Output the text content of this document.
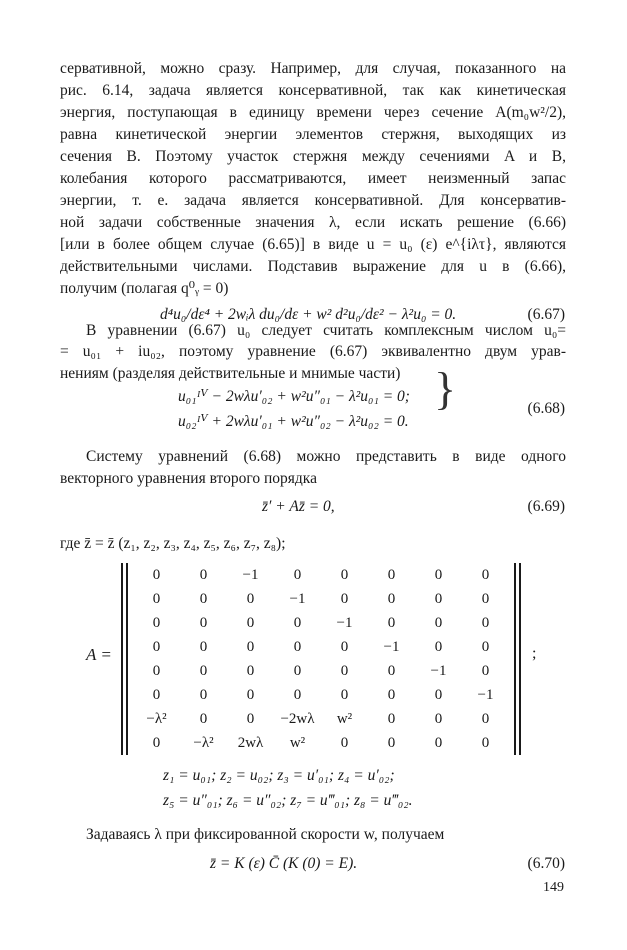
сервативной, можно сразу. Например, для случая, показанного на
рис. 6.14, задача является консервативной, так как кинетическая
энергия, поступающая в единицу времени через сечение A(m₀w²/2),
равна кинетической энергии элементов стержня, выходящих из
сечения B. Поэтому участок стержня между сечениями A и B,
колебания которого рассматриваются, имеет неизменный запас
энергии, т. е. задача является консервативной. Для консерватив-
ной задачи собственные значения λ, если искать решение (6.66)
[или в более общем случае (6.65)] в виде u = u₀ (ε) e^{iλτ}, являются
действительными числами. Подставив выражение для u в (6.66),
получим (полагая q⁰ᵧ = 0)
d⁴u₀/dε⁴ + 2wᵢλ du₀/dε + w² d²u₀/dε² − λ²u₀ = 0.	(6.67)
В уравнении (6.67) u₀ следует считать комплексным числом u₀=
= u₀₁ + iu₀₂, поэтому уравнение (6.67) эквивалентно двум урав-
нениям (разделяя действительные и мнимые части)
u₀₁ᴵⱽ − 2wλu′₀₂ + w²u″₀₁ − λ²u₀₁ = 0;
u₀₂ᴵⱽ + 2wλu′₀₁ + w²u″₀₂ − λ²u₀₂ = 0.
}	(6.68)
Систему уравнений (6.68) можно представить в виде одного
векторного уравнения второго порядка
z̄′ + Az̄ = 0,	(6.69)
где z̄ = z̄ (z₁, z₂, z₃, z₄, z₅, z₆, z₇, z₈);
A =
0	0	−1	0	0	0	0	0
0	0	0	−1	0	0	0	0
0	0	0	0	−1	0	0	0
0	0	0	0	0	−1	0	0
0	0	0	0	0	0	−1	0
0	0	0	0	0	0	0	−1
−λ²	0	0	−2wλ	w²	0	0	0
0	−λ²	2wλ	w²	0	0	0	0
;
z₁ = u₀₁; z₂ = u₀₂; z₃ = u′₀₁; z₄ = u′₀₂;
z₅ = u″₀₁; z₆ = u″₀₂; z₇ = u‴₀₁; z₈ = u‴₀₂.
Задаваясь λ при фиксированной скорости w, получаем
z̄ = K (ε) C̄ (K (0) = E).	(6.70)
149
